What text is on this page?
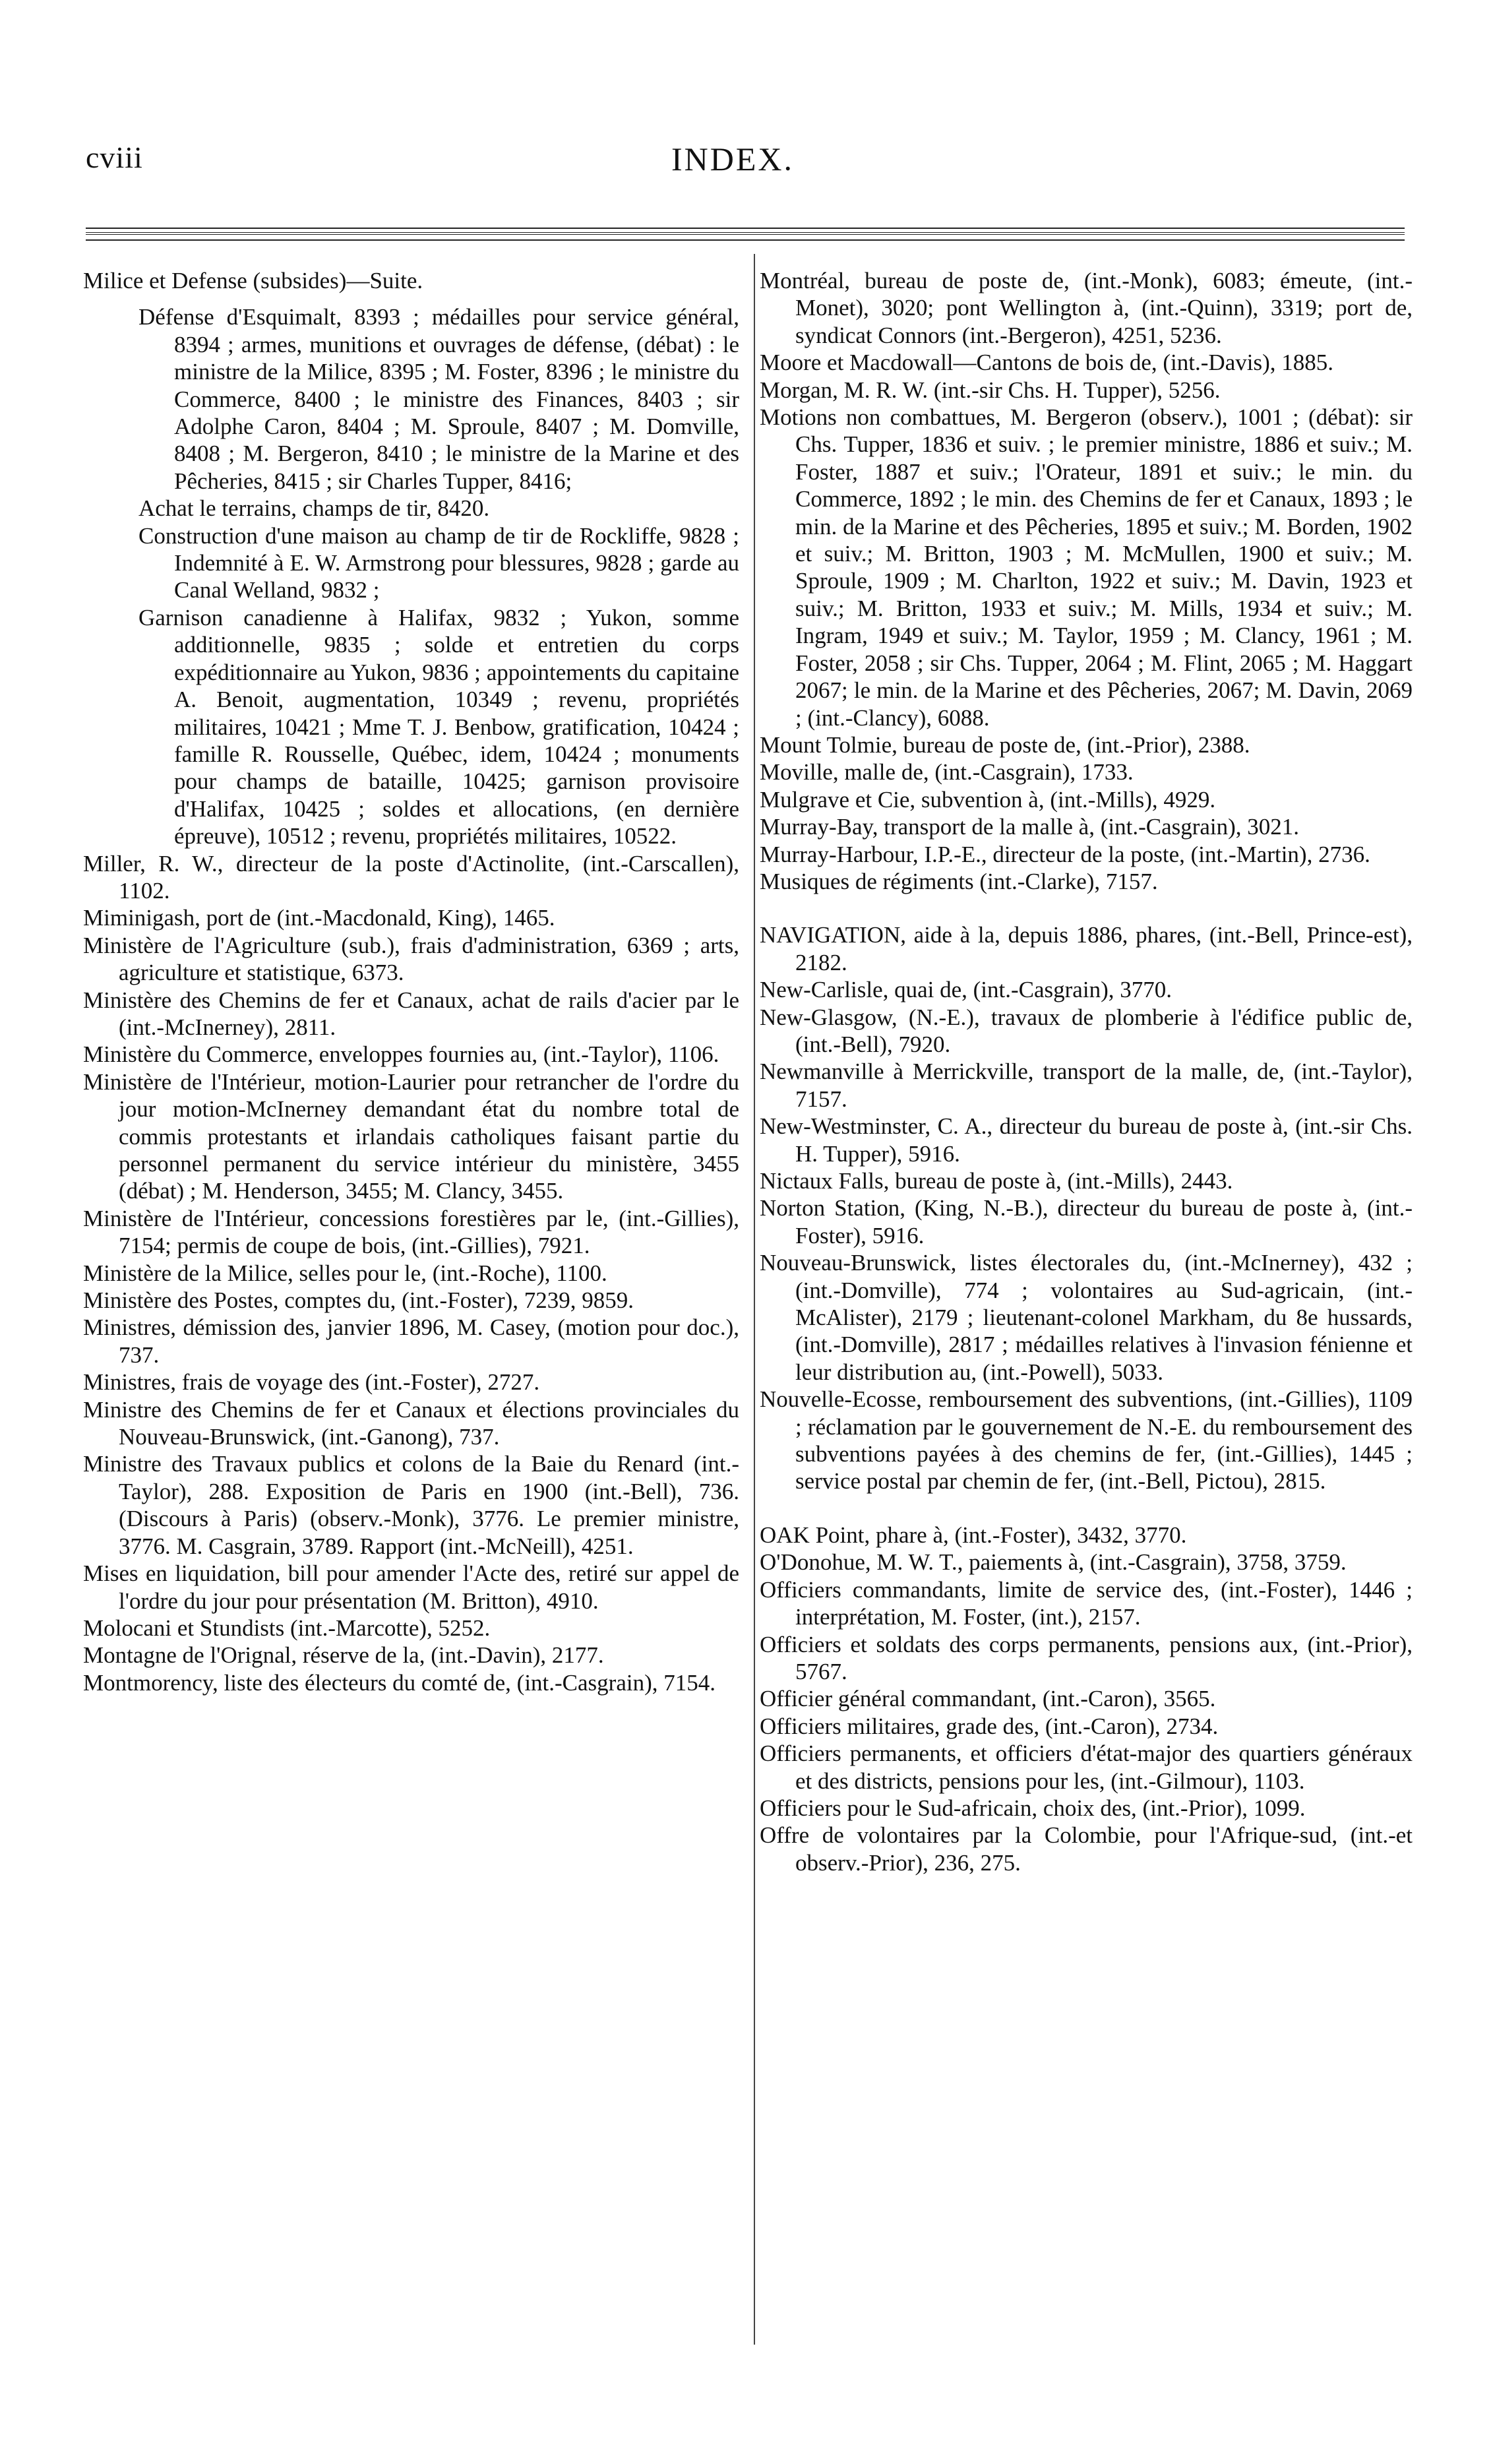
cviii	INDEX.

Milice et Defense (subsides)—Suite.

Défense d'Esquimalt, 8393 ; médailles pour service général, 8394 ; armes, munitions et ouvrages de défense, (débat) : le ministre de la Milice, 8395 ; M. Foster, 8396 ; le ministre du Commerce, 8400 ; le ministre des Finances, 8403 ; sir Adolphe Caron, 8404 ; M. Sproule, 8407 ; M. Domville, 8408 ; M. Bergeron, 8410 ; le ministre de la Marine et des Pêcheries, 8415 ; sir Charles Tupper, 8416;

Achat le terrains, champs de tir, 8420.

Construction d'une maison au champ de tir de Rockliffe, 9828 ; Indemnité à E. W. Armstrong pour blessures, 9828 ; garde au Canal Welland, 9832 ;

Garnison canadienne à Halifax, 9832 ; Yukon, somme additionnelle, 9835 ; solde et entretien du corps expéditionnaire au Yukon, 9836 ; appointements du capitaine A. Benoit, augmentation, 10349 ; revenu, propriétés militaires, 10421 ; Mme T. J. Benbow, gratification, 10424 ; famille R. Rousselle, Québec, idem, 10424 ; monuments pour champs de bataille, 10425; garnison provisoire d'Halifax, 10425 ; soldes et allocations, (en dernière épreuve), 10512 ; revenu, propriétés militaires, 10522.

Miller, R. W., directeur de la poste d'Actinolite, (int.-Carscallen), 1102.

Miminigash, port de (int.-Macdonald, King), 1465.

Ministère de l'Agriculture (sub.), frais d'administration, 6369 ; arts, agriculture et statistique, 6373.

Ministère des Chemins de fer et Canaux, achat de rails d'acier par le (int.-McInerney), 2811.

Ministère du Commerce, enveloppes fournies au, (int.-Taylor), 1106.

Ministère de l'Intérieur, motion-Laurier pour retrancher de l'ordre du jour motion-McInerney demandant état du nombre total de commis protestants et irlandais catholiques faisant partie du personnel permanent du service intérieur du ministère, 3455 (débat) ; M. Henderson, 3455; M. Clancy, 3455.

Ministère de l'Intérieur, concessions forestières par le, (int.-Gillies), 7154; permis de coupe de bois, (int.-Gillies), 7921.

Ministère de la Milice, selles pour le, (int.-Roche), 1100.

Ministère des Postes, comptes du, (int.-Foster), 7239, 9859.

Ministres, démission des, janvier 1896, M. Casey, (motion pour doc.), 737.

Ministres, frais de voyage des (int.-Foster), 2727.

Ministre des Chemins de fer et Canaux et élections provinciales du Nouveau-Brunswick, (int.-Ganong), 737.

Ministre des Travaux publics et colons de la Baie du Renard (int.-Taylor), 288. Exposition de Paris en 1900 (int.-Bell), 736. (Discours à Paris) (observ.-Monk), 3776. Le premier ministre, 3776. M. Casgrain, 3789. Rapport (int.-McNeill), 4251.

Mises en liquidation, bill pour amender l'Acte des, retiré sur appel de l'ordre du jour pour présentation (M. Britton), 4910.

Molocani et Stundists (int.-Marcotte), 5252.

Montagne de l'Orignal, réserve de la, (int.-Davin), 2177.

Montmorency, liste des électeurs du comté de, (int.-Casgrain), 7154.

Montréal, bureau de poste de, (int.-Monk), 6083; émeute, (int.-Monet), 3020; pont Wellington à, (int.-Quinn), 3319; port de, syndicat Connors (int.-Bergeron), 4251, 5236.

Moore et Macdowall—Cantons de bois de, (int.-Davis), 1885.

Morgan, M. R. W. (int.-sir Chs. H. Tupper), 5256.

Motions non combattues, M. Bergeron (observ.), 1001 ; (débat): sir Chs. Tupper, 1836 et suiv. ; le premier ministre, 1886 et suiv.; M. Foster, 1887 et suiv.; l'Orateur, 1891 et suiv.; le min. du Commerce, 1892 ; le min. des Chemins de fer et Canaux, 1893 ; le min. de la Marine et des Pêcheries, 1895 et suiv.; M. Borden, 1902 et suiv.; M. Britton, 1903 ; M. McMullen, 1900 et suiv.; M. Sproule, 1909 ; M. Charlton, 1922 et suiv.; M. Davin, 1923 et suiv.; M. Britton, 1933 et suiv.; M. Mills, 1934 et suiv.; M. Ingram, 1949 et suiv.; M. Taylor, 1959 ; M. Clancy, 1961 ; M. Foster, 2058 ; sir Chs. Tupper, 2064 ; M. Flint, 2065 ; M. Haggart 2067; le min. de la Marine et des Pêcheries, 2067; M. Davin, 2069 ; (int.-Clancy), 6088.

Mount Tolmie, bureau de poste de, (int.-Prior), 2388.

Moville, malle de, (int.-Casgrain), 1733.

Mulgrave et Cie, subvention à, (int.-Mills), 4929.

Murray-Bay, transport de la malle à, (int.-Casgrain), 3021.

Murray-Harbour, I.P.-E., directeur de la poste, (int.-Martin), 2736.

Musiques de régiments (int.-Clarke), 7157.

NAVIGATION, aide à la, depuis 1886, phares, (int.-Bell, Prince-est), 2182.

New-Carlisle, quai de, (int.-Casgrain), 3770.

New-Glasgow, (N.-E.), travaux de plomberie à l'édifice public de, (int.-Bell), 7920.

Newmanville à Merrickville, transport de la malle, de, (int.-Taylor), 7157.

New-Westminster, C. A., directeur du bureau de poste à, (int.-sir Chs. H. Tupper), 5916.

Nictaux Falls, bureau de poste à, (int.-Mills), 2443.

Norton Station, (King, N.-B.), directeur du bureau de poste à, (int.-Foster), 5916.

Nouveau-Brunswick, listes électorales du, (int.-McInerney), 432 ; (int.-Domville), 774 ; volontaires au Sud-agricain, (int.-McAlister), 2179 ; lieutenant-colonel Markham, du 8e hussards, (int.-Domville), 2817 ; médailles relatives à l'invasion fénienne et leur distribution au, (int.-Powell), 5033.

Nouvelle-Ecosse, remboursement des subventions, (int.-Gillies), 1109 ; réclamation par le gouvernement de N.-E. du remboursement des subventions payées à des chemins de fer, (int.-Gillies), 1445 ; service postal par chemin de fer, (int.-Bell, Pictou), 2815.

OAK Point, phare à, (int.-Foster), 3432, 3770.

O'Donohue, M. W. T., paiements à, (int.-Casgrain), 3758, 3759.

Officiers commandants, limite de service des, (int.-Foster), 1446 ; interprétation, M. Foster, (int.), 2157.

Officiers et soldats des corps permanents, pensions aux, (int.-Prior), 5767.

Officier général commandant, (int.-Caron), 3565.

Officiers militaires, grade des, (int.-Caron), 2734.

Officiers permanents, et officiers d'état-major des quartiers généraux et des districts, pensions pour les, (int.-Gilmour), 1103.

Officiers pour le Sud-africain, choix des, (int.-Prior), 1099.

Offre de volontaires par la Colombie, pour l'Afrique-sud, (int.-et observ.-Prior), 236, 275.
